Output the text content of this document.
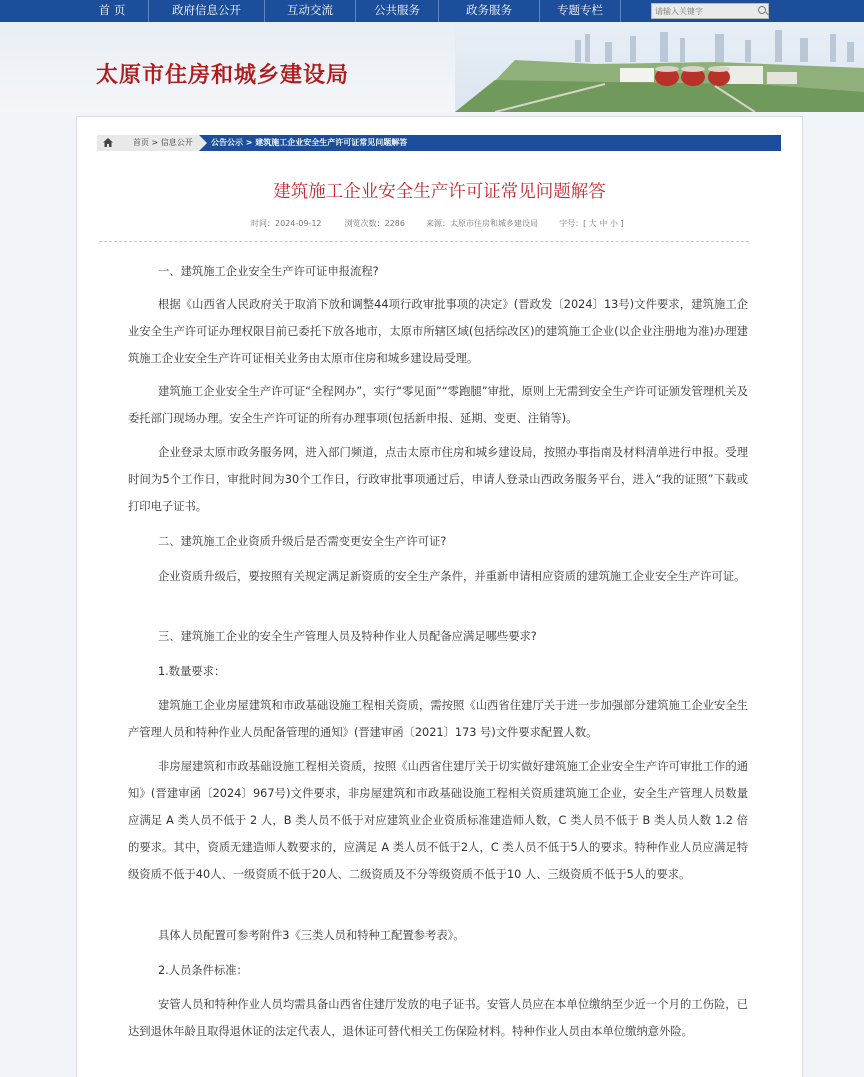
首 页	政府信息公开	互动交流	公共服务	政务服务	专题专栏
请输入关键字
太原市住房和城乡建设局
首页 > 信息公开	公告公示 > 建筑施工企业安全生产许可证常见问题解答
建筑施工企业安全生产许可证常见问题解答
时间：2024-09-12	浏览次数：2286	来源：太原市住房和城乡建设局	字号：[ 大 中 小 ]

一、建筑施工企业安全生产许可证申报流程?

根据《山西省人民政府关于取消下放和调整44项行政审批事项的决定》(晋政发〔2024〕13号)文件要求，建筑施工企业安全生产许可证办理权限目前已委托下放各地市，太原市所辖区域(包括综改区)的建筑施工企业(以企业注册地为准)办理建筑施工企业安全生产许可证相关业务由太原市住房和城乡建设局受理。

建筑施工企业安全生产许可证“全程网办”，实行“零见面”“零跑腿”审批，原则上无需到安全生产许可证颁发管理机关及委托部门现场办理。安全生产许可证的所有办理事项(包括新申报、延期、变更、注销等)。

企业登录太原市政务服务网，进入部门频道，点击太原市住房和城乡建设局，按照办事指南及材料清单进行申报。受理时间为5个工作日，审批时间为30个工作日，行政审批事项通过后，申请人登录山西政务服务平台，进入“我的证照”下载或打印电子证书。

二、建筑施工企业资质升级后是否需变更安全生产许可证?

企业资质升级后，要按照有关规定满足新资质的安全生产条件，并重新申请相应资质的建筑施工企业安全生产许可证。

三、建筑施工企业的安全生产管理人员及特种作业人员配备应满足哪些要求?

1.数量要求：

建筑施工企业房屋建筑和市政基础设施工程相关资质，需按照《山西省住建厅关于进一步加强部分建筑施工企业安全生产管理人员和特种作业人员配备管理的通知》(晋建审函〔2021〕173 号)文件要求配置人数。

非房屋建筑和市政基础设施工程相关资质，按照《山西省住建厅关于切实做好建筑施工企业安全生产许可审批工作的通知》(晋建审函〔2024〕967号)文件要求，非房屋建筑和市政基础设施工程相关资质建筑施工企业，安全生产管理人员数量应满足 A 类人员不低于 2 人，B 类人员不低于对应建筑业企业资质标准建造师人数，C 类人员不低于 B 类人员人数 1.2 倍的要求。其中，资质无建造师人数要求的，应满足 A 类人员不低于2人，C 类人员不低于5人的要求。特种作业人员应满足特级资质不低于40人、一级资质不低于20人、二级资质及不分等级资质不低于10 人、三级资质不低于5人的要求。

具体人员配置可参考附件3《三类人员和特种工配置参考表》。

2.人员条件标准：

安管人员和特种作业人员均需具备山西省住建厅发放的电子证书。安管人员应在本单位缴纳至少近一个月的工伤险，已达到退休年龄且取得退休证的法定代表人，退休证可替代相关工伤保险材料。特种作业人员由本单位缴纳意外险。
